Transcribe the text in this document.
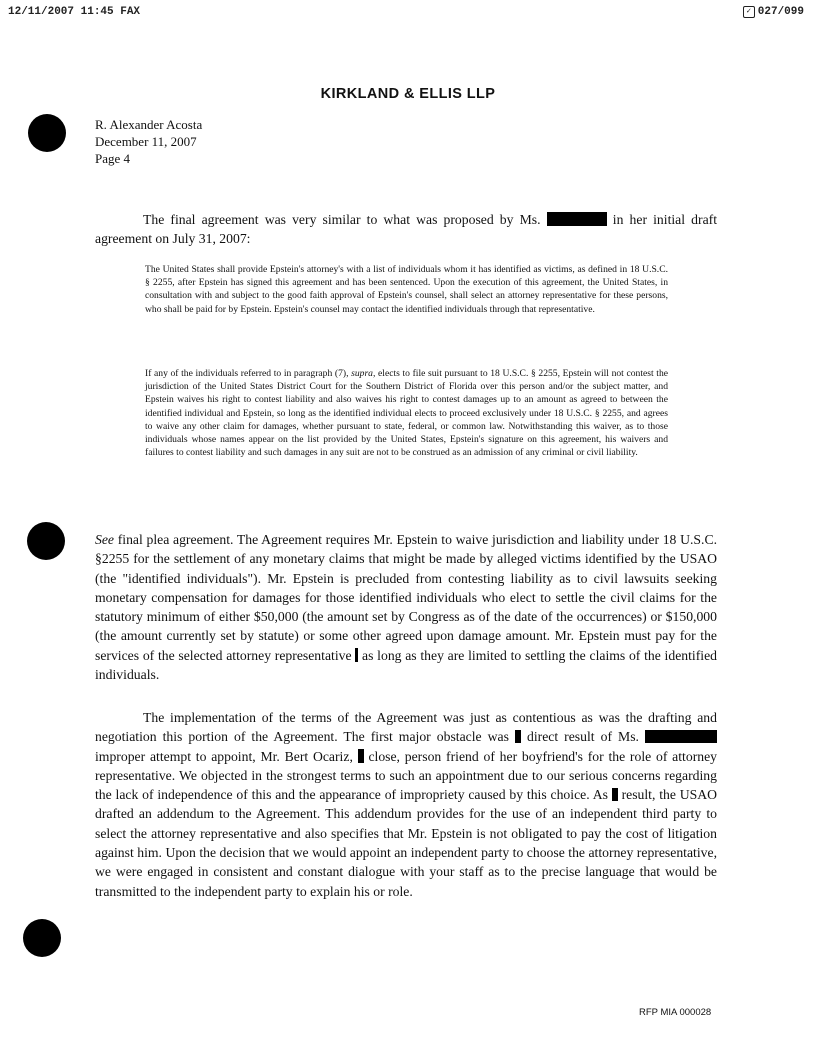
12/11/2007 11:45 FAX	✓ 027/099
KIRKLAND & ELLIS LLP
R. Alexander Acosta
December 11, 2007
Page 4

The final agreement was very similar to what was proposed by Ms.	in her initial draft agreement on July 31, 2007:

The United States shall provide Epstein's attorney's with a list of individuals whom it has identified as victims, as defined in 18 U.S.C. § 2255, after Epstein has signed this agreement and has been sentenced. Upon the execution of this agreement, the United States, in consultation with and subject to the good faith approval of Epstein's counsel, shall select an attorney representative for these persons, who shall be paid for by Epstein. Epstein's counsel may contact the identified individuals through that representative.

If any of the individuals referred to in paragraph (7), supra, elects to file suit pursuant to 18 U.S.C. § 2255, Epstein will not contest the jurisdiction of the United States District Court for the Southern District of Florida over this person and/or the subject matter, and Epstein waives his right to contest liability and also waives his right to contest damages up to an amount as agreed to between the identified individual and Epstein, so long as the identified individual elects to proceed exclusively under 18 U.S.C. § 2255, and agrees to waive any other claim for damages, whether pursuant to state, federal, or common law. Notwithstanding this waiver, as to those individuals whose names appear on the list provided by the United States, Epstein's signature on this agreement, his waivers and failures to contest liability and such damages in any suit are not to be construed as an admission of any criminal or civil liability.

See final plea agreement. The Agreement requires Mr. Epstein to waive jurisdiction and liability under 18 U.S.C. §2255 for the settlement of any monetary claims that might be made by alleged victims identified by the USAO (the "identified individuals"). Mr. Epstein is precluded from contesting liability as to civil lawsuits seeking monetary compensation for damages for those identified individuals who elect to settle the civil claims for the statutory minimum of either $50,000 (the amount set by Congress as of the date of the occurrences) or $150,000 (the amount currently set by statute) or some other agreed upon damage amount. Mr. Epstein must pay for the services of the selected attorney representative as long as they are limited to settling the claims of the identified individuals.

The implementation of the terms of the Agreement was just as contentious as was the drafting and negotiation this portion of the Agreement. The first major obstacle was direct result of Ms.  improper attempt to appoint, Mr. Bert Ocariz, close, person friend of her boyfriend's for the role of attorney representative. We objected in the strongest terms to such an appointment due to our serious concerns regarding the lack of independence of this and the appearance of impropriety caused by this choice. As result, the USAO drafted an addendum to the Agreement. This addendum provides for the use of an independent third party to select the attorney representative and also specifies that Mr. Epstein is not obligated to pay the cost of litigation against him. Upon the decision that we would appoint an independent party to choose the attorney representative, we were engaged in consistent and constant dialogue with your staff as to the precise language that would be transmitted to the independent party to explain his or role.

RFP MIA 000028
